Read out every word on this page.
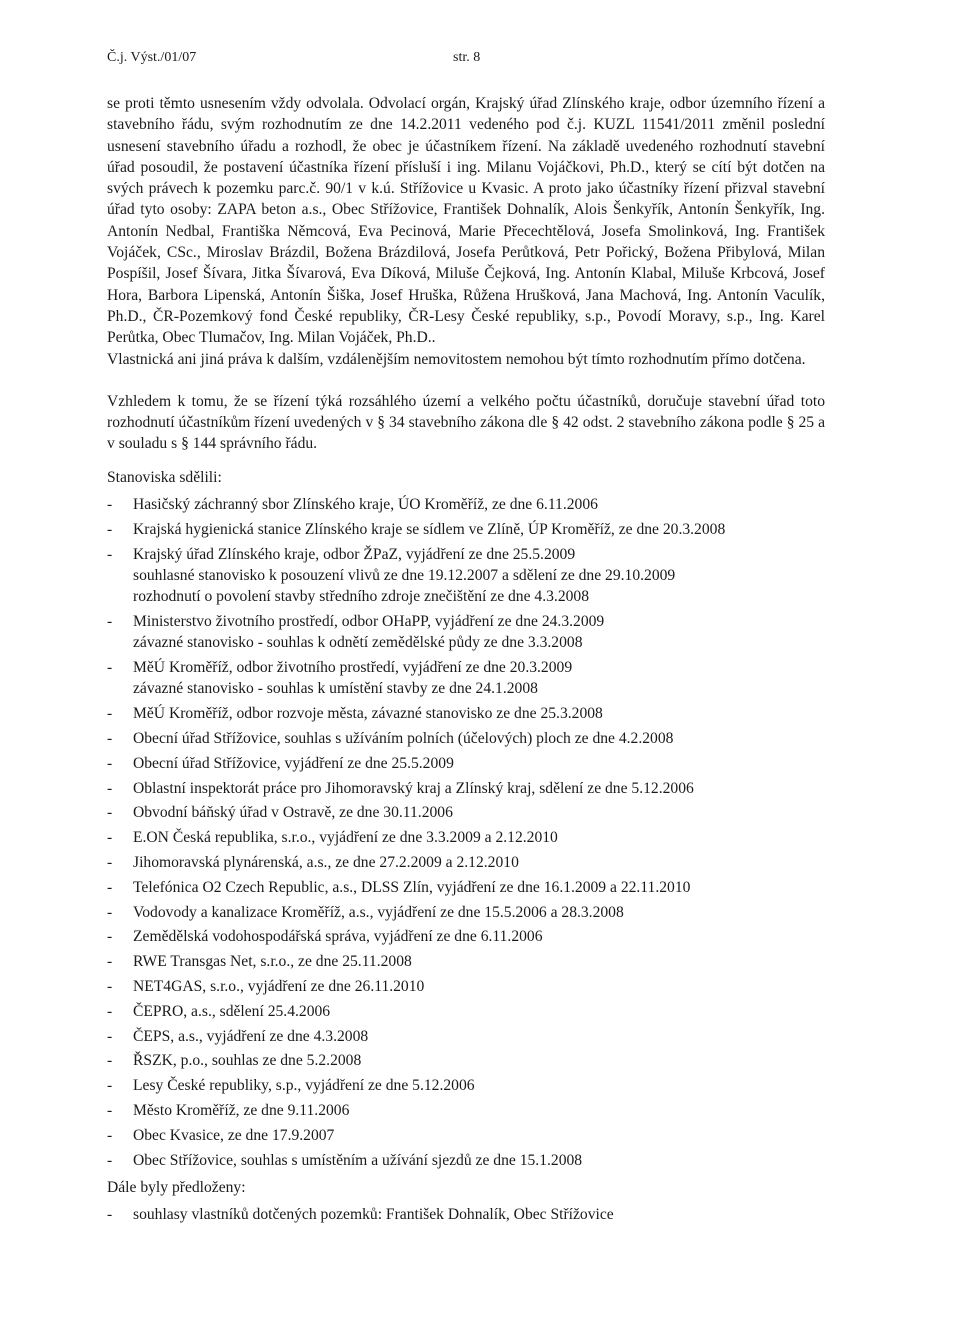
Č.j. Výst./01/07	str. 8

se proti těmto usnesením vždy odvolala. Odvolací orgán, Krajský úřad Zlínského kraje, odbor územního řízení a stavebního řádu, svým rozhodnutím ze dne 14.2.2011 vedeného pod č.j. KUZL 11541/2011 změnil poslední usnesení stavebního úřadu a rozhodl, že obec je účastníkem řízení. Na základě uvedeného rozhodnutí stavební úřad posoudil, že postavení účastníka řízení přísluší i ing. Milanu Vojáčkovi, Ph.D., který se cítí být dotčen na svých právech k pozemku parc.č. 90/1 v k.ú. Střížovice u Kvasic. A proto jako účastníky řízení přizval stavební úřad tyto osoby: ZAPA beton a.s., Obec Střížovice, František Dohnalík, Alois Šenkyřík, Antonín Šenkyřík, Ing. Antonín Nedbal, Františka Němcová, Eva Pecinová, Marie Přecechtělová, Josefa Smolinková, Ing. František Vojáček, CSc., Miroslav Brázdil, Božena Brázdilová, Josefa Perůtková, Petr Pořický, Božena Přibylová, Milan Pospíšil, Josef Šívara, Jitka Šívarová, Eva Díková, Miluše Čejková, Ing. Antonín Klabal, Miluše Krbcová, Josef Hora, Barbora Lipenská, Antonín Šiška, Josef Hruška, Růžena Hrušková, Jana Machová, Ing. Antonín Vaculík, Ph.D., ČR-Pozemkový fond České republiky, ČR-Lesy České republiky, s.p., Povodí Moravy, s.p., Ing. Karel Perůtka, Obec Tlumačov, Ing. Milan Vojáček, Ph.D..

Vlastnická ani jiná práva k dalším, vzdálenějším nemovitostem nemohou být tímto rozhodnutím přímo dotčena.

Vzhledem k tomu, že se řízení týká rozsáhlého území a velkého počtu účastníků, doručuje stavební úřad toto rozhodnutí účastníkům řízení uvedených v § 34 stavebního zákona dle § 42 odst. 2 stavebního zákona podle § 25 a v souladu s § 144 správního řádu.

Stanoviska sdělili:

- Hasičský záchranný sbor Zlínského kraje, ÚO Kroměříž, ze dne 6.11.2006
- Krajská hygienická stanice Zlínského kraje se sídlem ve Zlíně, ÚP Kroměříž, ze dne 20.3.2008
- Krajský úřad Zlínského kraje, odbor ŽPaZ, vyjádření ze dne 25.5.2009
souhlasné stanovisko k posouzení vlivů ze dne 19.12.2007 a sdělení ze dne 29.10.2009
rozhodnutí o povolení stavby středního zdroje znečištění ze dne 4.3.2008
- Ministerstvo životního prostředí, odbor OHaPP, vyjádření ze dne 24.3.2009
závazné stanovisko - souhlas k odnětí zemědělské půdy ze dne 3.3.2008
- MěÚ Kroměříž, odbor životního prostředí, vyjádření ze dne 20.3.2009
závazné stanovisko - souhlas k umístění stavby ze dne 24.1.2008
- MěÚ Kroměříž, odbor rozvoje města, závazné stanovisko ze dne 25.3.2008
- Obecní úřad Střížovice, souhlas s užíváním polních (účelových) ploch ze dne 4.2.2008
- Obecní úřad Střížovice, vyjádření ze dne 25.5.2009
- Oblastní inspektorát práce pro Jihomoravský kraj a Zlínský kraj, sdělení ze dne 5.12.2006
- Obvodní báňský úřad v Ostravě, ze dne 30.11.2006
- E.ON Česká republika, s.r.o., vyjádření ze dne 3.3.2009 a 2.12.2010
- Jihomoravská plynárenská, a.s., ze dne 27.2.2009 a 2.12.2010
- Telefónica O2 Czech Republic, a.s., DLSS Zlín, vyjádření ze dne 16.1.2009 a 22.11.2010
- Vodovody a kanalizace Kroměříž, a.s., vyjádření ze dne 15.5.2006 a 28.3.2008
- Zemědělská vodohospodářská správa, vyjádření ze dne 6.11.2006
- RWE Transgas Net, s.r.o., ze dne 25.11.2008
- NET4GAS, s.r.o., vyjádření ze dne 26.11.2010
- ČEPRO, a.s., sdělení 25.4.2006
- ČEPS, a.s., vyjádření ze dne 4.3.2008
- ŘSZK, p.o., souhlas ze dne 5.2.2008
- Lesy České republiky, s.p., vyjádření ze dne 5.12.2006
- Město Kroměříž, ze dne 9.11.2006
- Obec Kvasice, ze dne 17.9.2007
- Obec Střížovice, souhlas s umístěním a užívání sjezdů ze dne 15.1.2008

Dále byly předloženy:

- souhlasy vlastníků dotčených pozemků: František Dohnalík, Obec Střížovice
